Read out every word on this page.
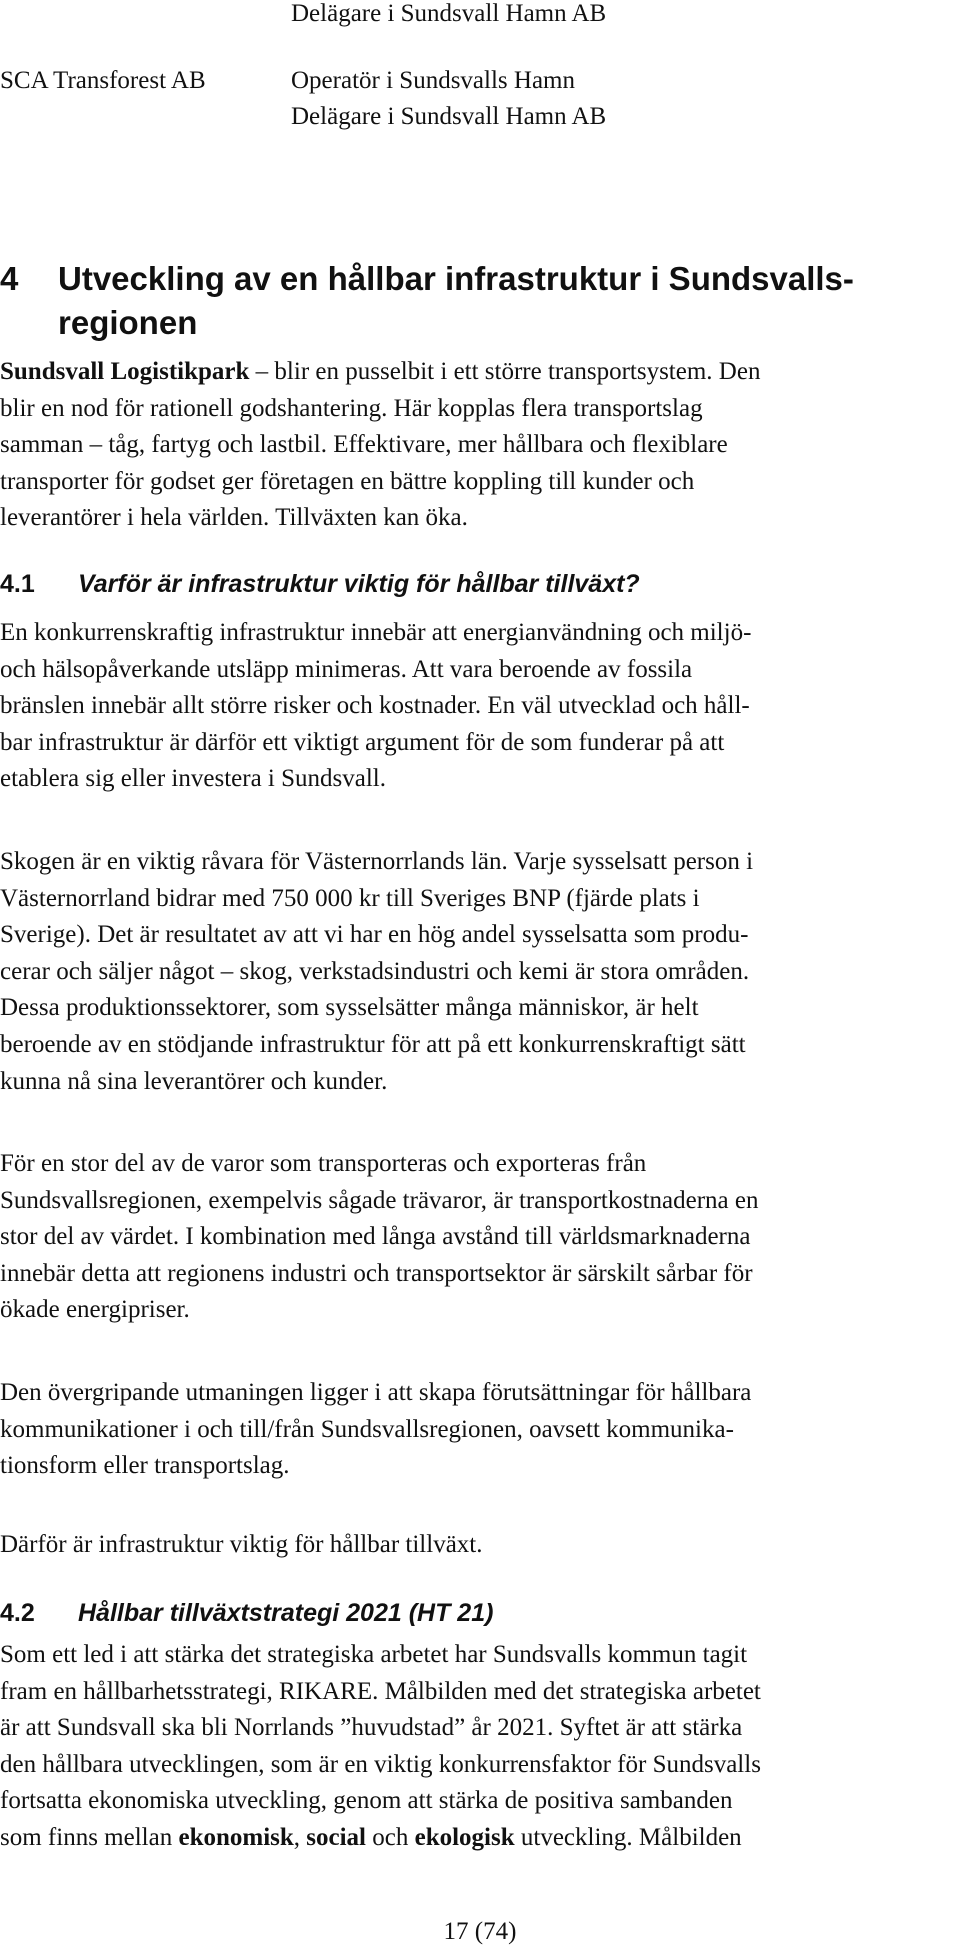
Delägare i Sundsvall Hamn AB
SCA Transforest AB	Operatör i Sundsvalls Hamn
Delägare i Sundsvall Hamn AB
4 Utveckling av en hållbar infrastruktur i Sundsvalls-
regionen
Sundsvall Logistikpark – blir en pusselbit i ett större transportsystem. Den
blir en nod för rationell godshantering. Här kopplas flera transportslag
samman – tåg, fartyg och lastbil. Effektivare, mer hållbara och flexiblare
transporter för godset ger företagen en bättre koppling till kunder och
leverantörer i hela världen. Tillväxten kan öka.
4.1 Varför är infrastruktur viktig för hållbar tillväxt?
En konkurrenskraftig infrastruktur innebär att energianvändning och miljö-
och hälsopåverkande utsläpp minimeras. Att vara beroende av fossila
bränslen innebär allt större risker och kostnader. En väl utvecklad och håll-
bar infrastruktur är därför ett viktigt argument för de som funderar på att
etablera sig eller investera i Sundsvall.
Skogen är en viktig råvara för Västernorrlands län. Varje sysselsatt person i
Västernorrland bidrar med 750 000 kr till Sveriges BNP (fjärde plats i
Sverige). Det är resultatet av att vi har en hög andel sysselsatta som produ-
cerar och säljer något – skog, verkstadsindustri och kemi är stora områden.
Dessa produktionssektorer, som sysselsätter många människor, är helt
beroende av en stödjande infrastruktur för att på ett konkurrenskraftigt sätt
kunna nå sina leverantörer och kunder.
För en stor del av de varor som transporteras och exporteras från
Sundsvallsregionen, exempelvis sågade trävaror, är transportkostnaderna en
stor del av värdet. I kombination med långa avstånd till världsmarknaderna
innebär detta att regionens industri och transportsektor är särskilt sårbar för
ökade energipriser.
Den övergripande utmaningen ligger i att skapa förutsättningar för hållbara
kommunikationer i och till/från Sundsvallsregionen, oavsett kommunika-
tionsform eller transportslag.
Därför är infrastruktur viktig för hållbar tillväxt.
4.2 Hållbar tillväxtstrategi 2021 (HT 21)
Som ett led i att stärka det strategiska arbetet har Sundsvalls kommun tagit
fram en hållbarhetsstrategi, RIKARE. Målbilden med det strategiska arbetet
är att Sundsvall ska bli Norrlands ”huvudstad” år 2021. Syftet är att stärka
den hållbara utvecklingen, som är en viktig konkurrensfaktor för Sundsvalls
fortsatta ekonomiska utveckling, genom att stärka de positiva sambanden
som finns mellan ekonomisk, social och ekologisk utveckling. Målbilden
17 (74)
